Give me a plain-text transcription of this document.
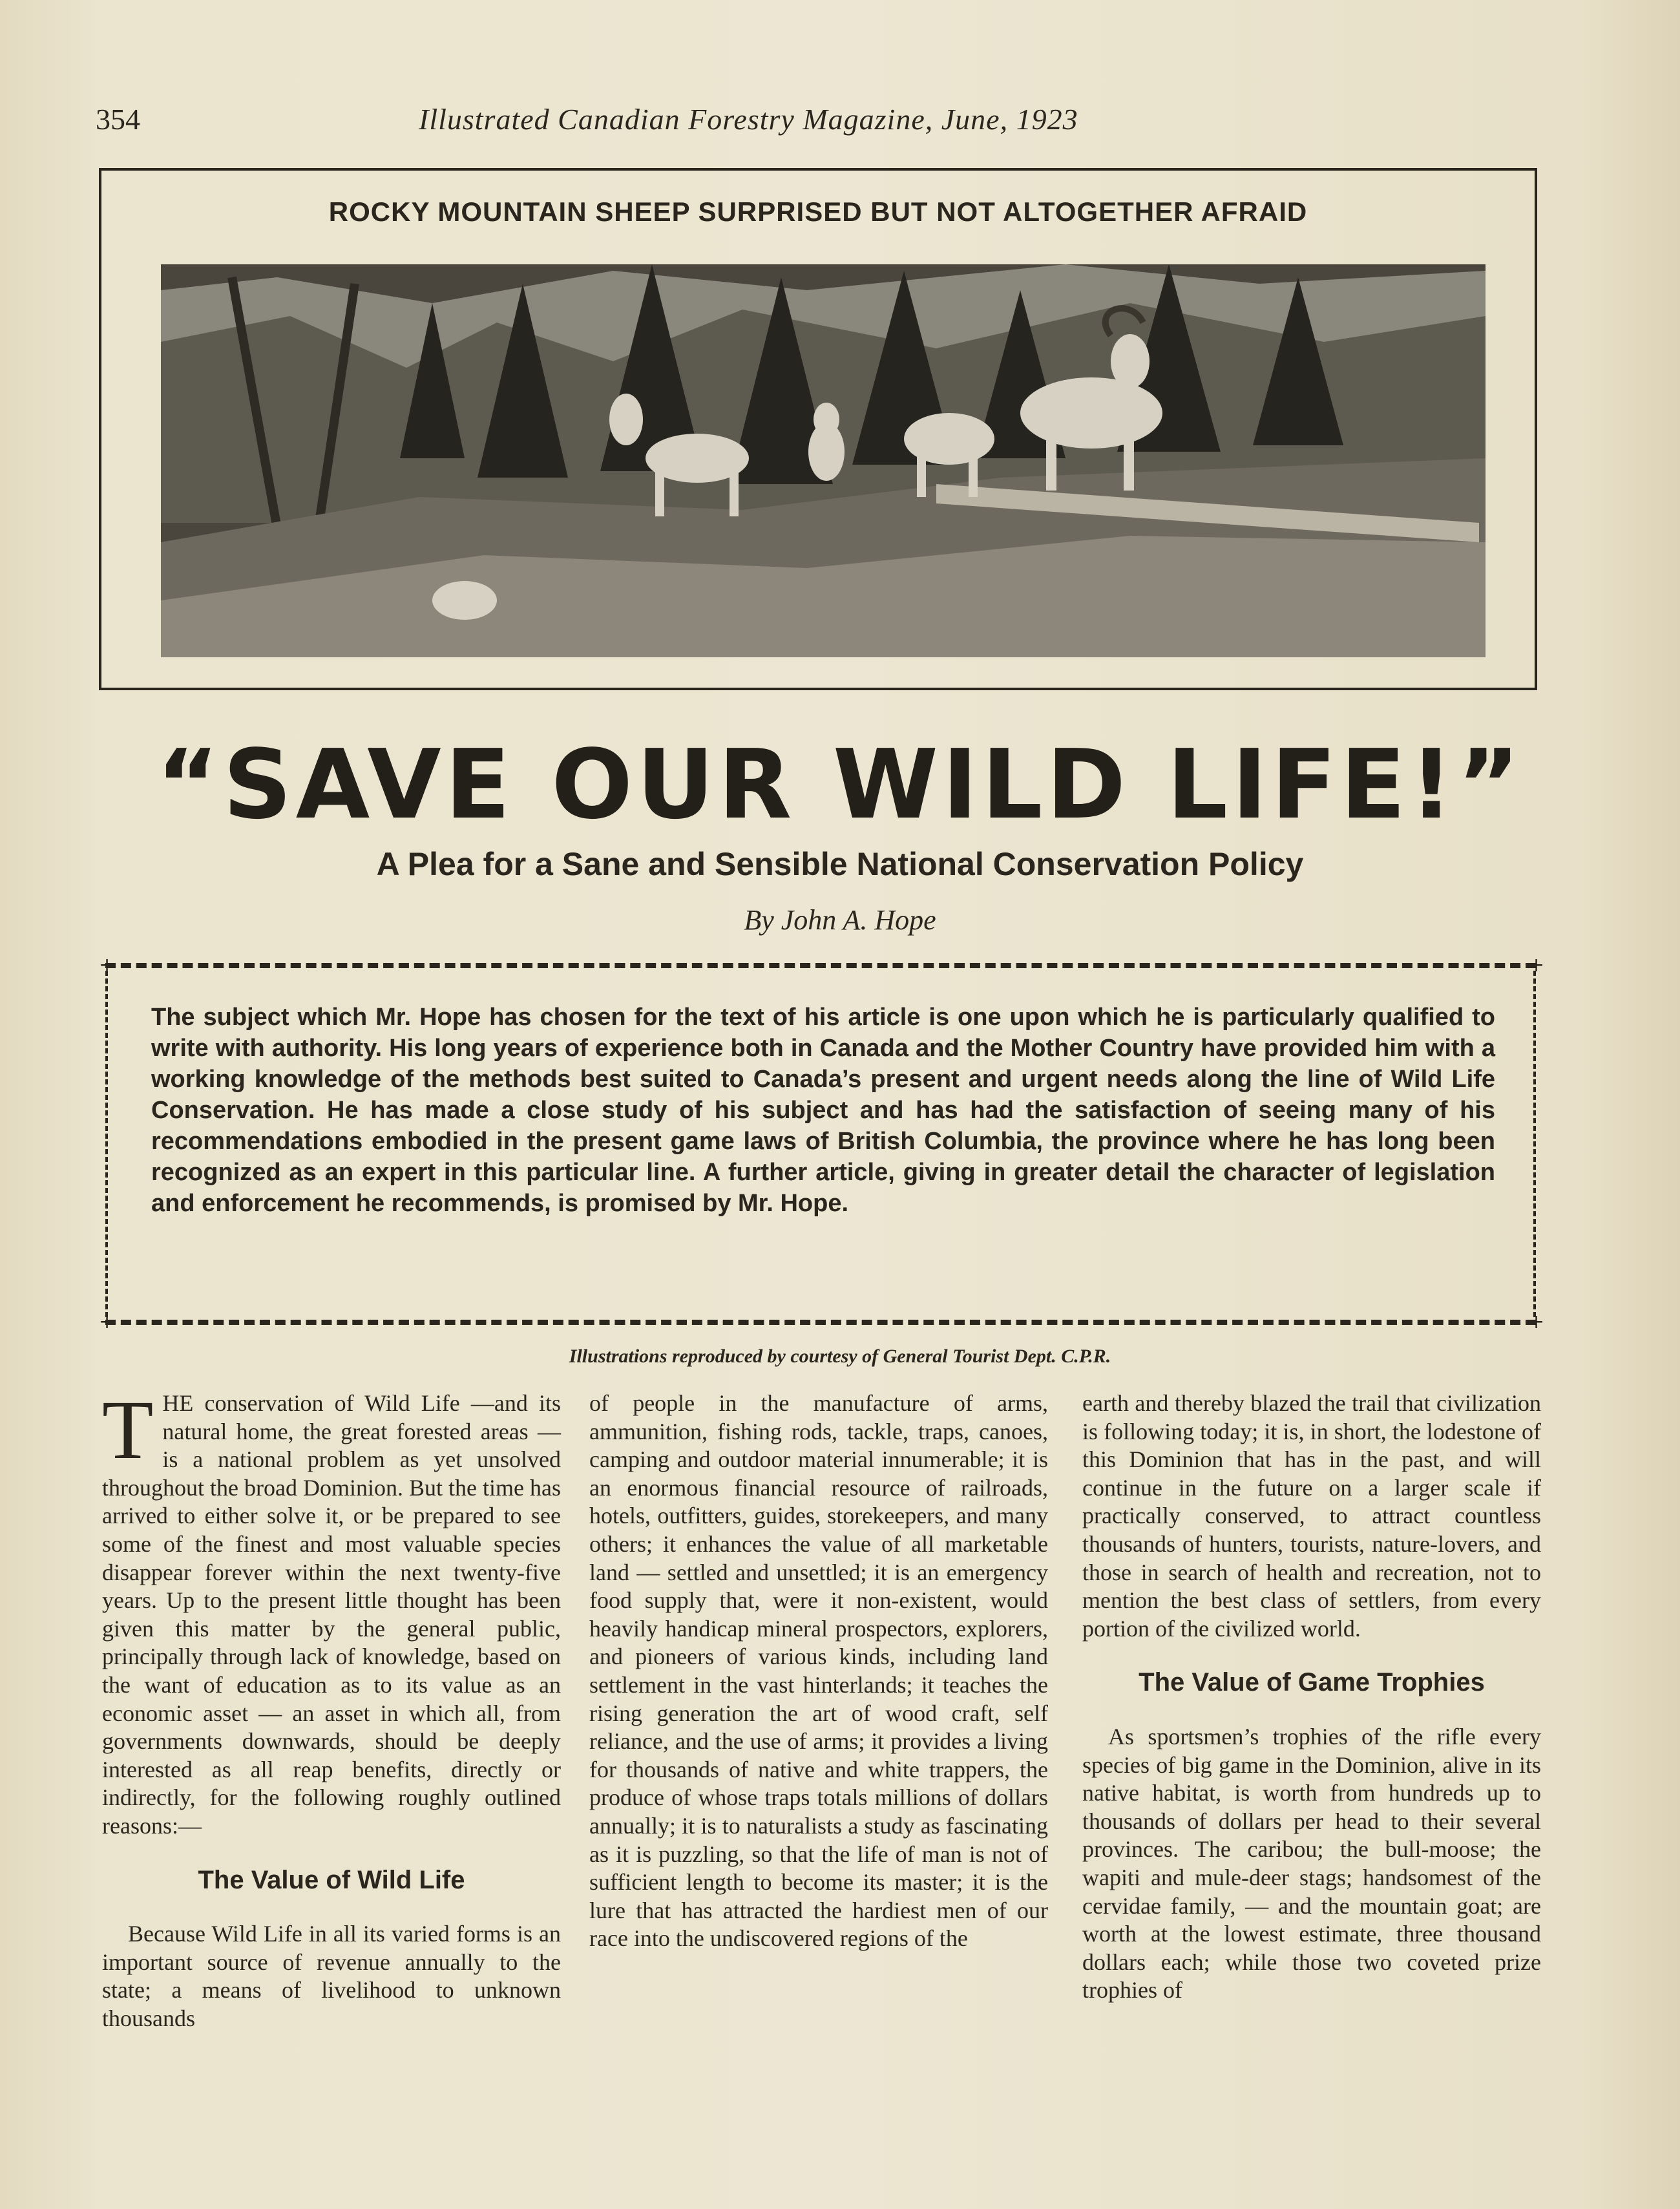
354	Illustrated Canadian Forestry Magazine, June, 1923
ROCKY MOUNTAIN SHEEP SURPRISED BUT NOT ALTOGETHER AFRAID
“SAVE OUR WILD LIFE!”
A Plea for a Sane and Sensible National Conservation Policy
By John A. Hope
+	+
+	+
The subject which Mr. Hope has chosen for the text of his article is one upon which he is particularly qualified to write with authority. His long years of experience both in Canada and the Mother Country have provided him with a working knowledge of the methods best suited to Canada’s present and urgent needs along the line of Wild Life Conservation. He has made a close study of his subject and has had the satisfaction of seeing many of his recommendations embodied in the present game laws of British Columbia, the province where he has long been recognized as an expert in this particular line. A further article, giving in greater detail the character of legislation and enforcement he recommends, is promised by Mr. Hope.
Illustrations reproduced by courtesy of General Tourist Dept. C.P.R.

THE conservation of Wild Life —and its natural home, the great forested areas — is a national problem as yet unsolved throughout the broad Dominion. But the time has arrived to either solve it, or be prepared to see some of the finest and most valuable species disappear forever within the next twenty-five years. Up to the present little thought has been given this matter by the general public, principally through lack of knowledge, based on the want of education as to its value as an economic asset — an asset in which all, from governments downwards, should be deeply interested as all reap benefits, directly or indirectly, for the following roughly outlined reasons:—

The Value of Wild Life

Because Wild Life in all its varied forms is an important source of revenue annually to the state; a means of livelihood to unknown thousands

of people in the manufacture of arms, ammunition, fishing rods, tackle, traps, canoes, camping and outdoor material innumerable; it is an enormous financial resource of railroads, hotels, outfitters, guides, storekeepers, and many others; it enhances the value of all marketable land — settled and unsettled; it is an emergency food supply that, were it non-existent, would heavily handicap mineral prospectors, explorers, and pioneers of various kinds, including land settlement in the vast hinterlands; it teaches the rising generation the art of wood craft, self reliance, and the use of arms; it provides a living for thousands of native and white trappers, the produce of whose traps totals millions of dollars annually; it is to naturalists a study as fascinating as it is puzzling, so that the life of man is not of sufficient length to become its master; it is the lure that has attracted the hardiest men of our race into the undiscovered regions of the

earth and thereby blazed the trail that civilization is following today; it is, in short, the lodestone of this Dominion that has in the past, and will continue in the future on a larger scale if practically conserved, to attract countless thousands of hunters, tourists, nature-lovers, and those in search of health and recreation, not to mention the best class of settlers, from every portion of the civilized world.

The Value of Game Trophies

As sportsmen’s trophies of the rifle every species of big game in the Dominion, alive in its native habitat, is worth from hundreds up to thousands of dollars per head to their several provinces. The caribou; the bull-moose; the wapiti and mule-deer stags; handsomest of the cervidae family, — and the mountain goat; are worth at the lowest estimate, three thousand dollars each; while those two coveted prize trophies of
